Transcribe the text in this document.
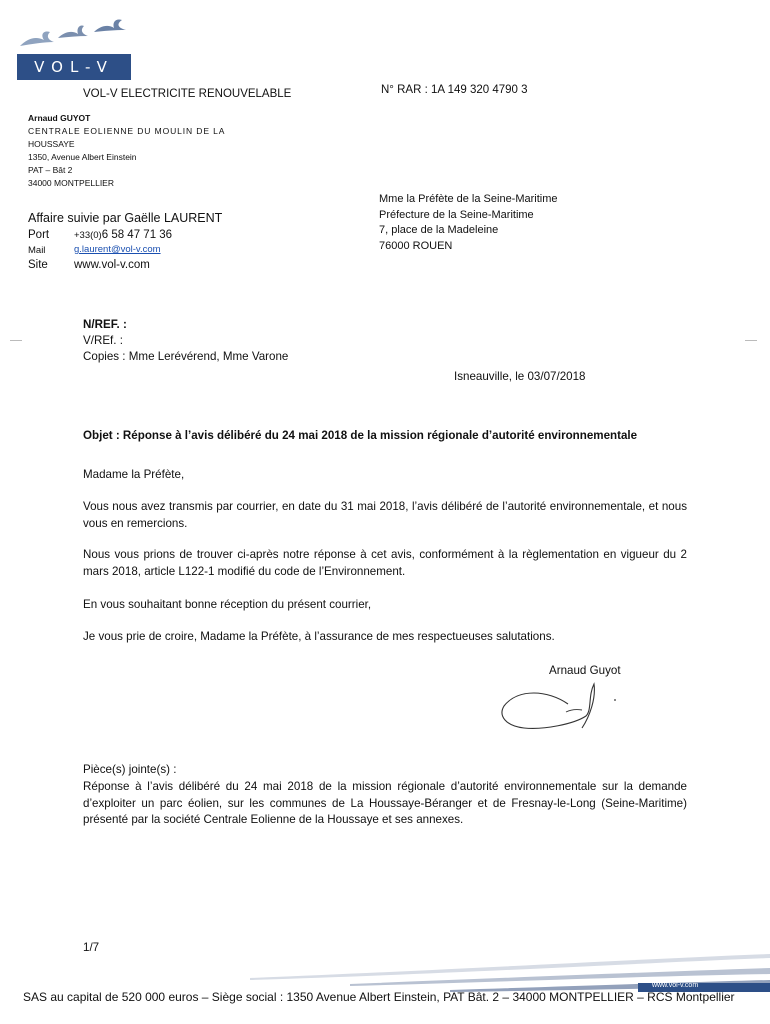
VOL-V
VOL-V ELECTRICITE RENOUVELABLE	N° RAR : 1A 149 320 4790 3
Arnaud GUYOT
CENTRALE EOLIENNE DU MOULIN DE LA
HOUSSAYE
1350, Avenue Albert Einstein
PAT – Bât 2
34000 MONTPELLIER
Affaire suivie par Gaëlle LAURENT
Port	+33(0)6 58 47 71 36
Mail	g.laurent@vol-v.com
Site www.vol-v.com
Mme la Préfète de la Seine-Maritime
Préfecture de la Seine-Maritime
7, place de la Madeleine
76000 ROUEN
N/REF. :
V/REf. :
Copies : Mme Lerévérend, Mme Varone
Isneauville, le 03/07/2018
Objet : Réponse à l’avis délibéré du 24 mai 2018 de la mission régionale d’autorité environnementale
Madame la Préfète,
Vous nous avez transmis par courrier, en date du 31 mai 2018, l’avis délibéré de l’autorité environnementale, et nous vous en remercions.
Nous vous prions de trouver ci-après notre réponse à cet avis, conformément à la règlementation en vigueur du 2 mars 2018, article L122-1 modifié du code de l’Environnement.
En vous souhaitant bonne réception du présent courrier,
Je vous prie de croire, Madame la Préfète, à l’assurance de mes respectueuses salutations.
Arnaud Guyot
Pièce(s) jointe(s) :
Réponse à l’avis délibéré du 24 mai 2018 de la mission régionale d’autorité environnementale sur la demande d’exploiter un parc éolien, sur les communes de La Houssaye-Béranger et de Fresnay-le-Long (Seine-Maritime) présenté par la société Centrale Eolienne de la Houssaye et ses annexes.
1/7
www.vol-v.com
SAS au capital de 520 000 euros – Siège social : 1350 Avenue Albert Einstein, PAT Bât. 2 – 34000 MONTPELLIER – RCS Montpellier
